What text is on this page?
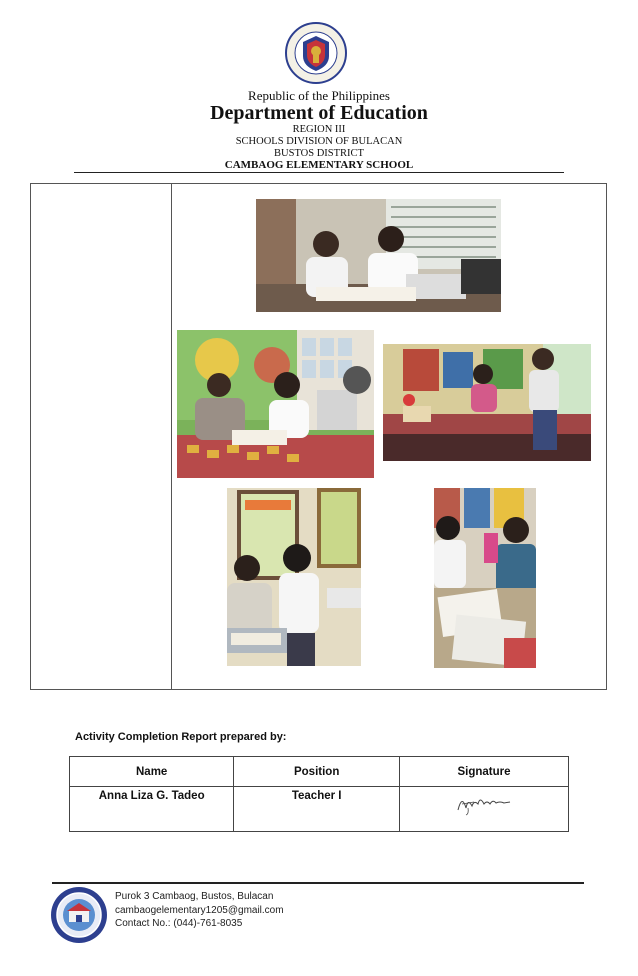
Republic of the Philippines
Department of Education
REGION III
SCHOOLS DIVISION OF BULACAN
BUSTOS DISTRICT
CAMBAOG ELEMENTARY SCHOOL
Activity Completion Report prepared by:
Name	Position	Signature
Anna Liza G. Tadeo	Teacher I	
Purok 3 Cambaog, Bustos, Bulacan
cambaogelementary1205@gmail.com
Contact No.: (044)-761-8035
